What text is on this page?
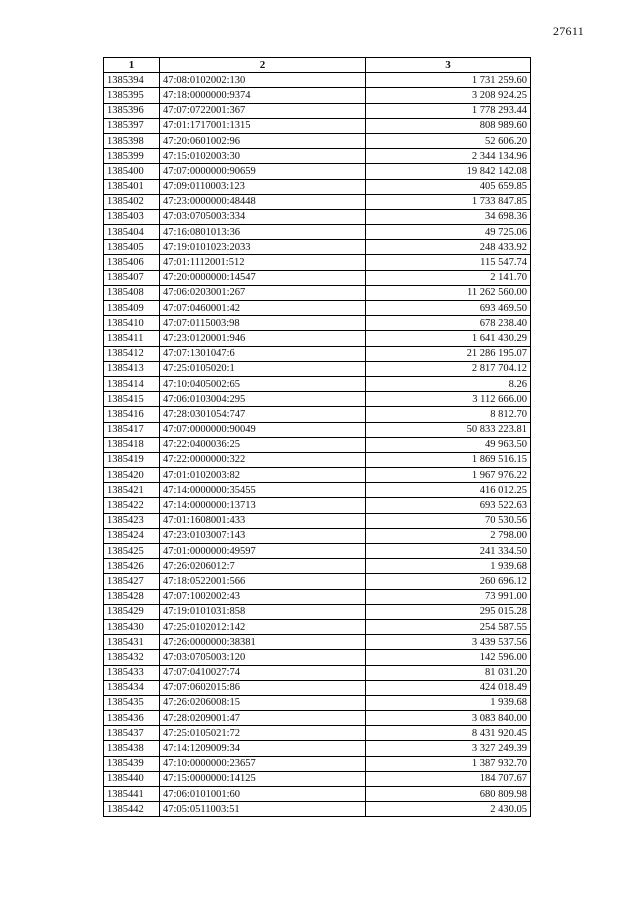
27611
1	2	3
1385394	47:08:0102002:130	1 731 259.60
1385395	47:18:0000000:9374	3 208 924.25
1385396	47:07:0722001:367	1 778 293.44
1385397	47:01:1717001:1315	808 989.60
1385398	47:20:0601002:96	52 606.20
1385399	47:15:0102003:30	2 344 134.96
1385400	47:07:0000000:90659	19 842 142.08
1385401	47:09:0110003:123	405 659.85
1385402	47:23:0000000:48448	1 733 847.85
1385403	47:03:0705003:334	34 698.36
1385404	47:16:0801013:36	49 725.06
1385405	47:19:0101023:2033	248 433.92
1385406	47:01:1112001:512	115 547.74
1385407	47:20:0000000:14547	2 141.70
1385408	47:06:0203001:267	11 262 560.00
1385409	47:07:0460001:42	693 469.50
1385410	47:07:0115003:98	678 238.40
1385411	47:23:0120001:946	1 641 430.29
1385412	47:07:1301047:6	21 286 195.07
1385413	47:25:0105020:1	2 817 704.12
1385414	47:10:0405002:65	8.26
1385415	47:06:0103004:295	3 112 666.00
1385416	47:28:0301054:747	8 812.70
1385417	47:07:0000000:90049	50 833 223.81
1385418	47:22:0400036:25	49 963.50
1385419	47:22:0000000:322	1 869 516.15
1385420	47:01:0102003:82	1 967 976.22
1385421	47:14:0000000:35455	416 012.25
1385422	47:14:0000000:13713	693 522.63
1385423	47:01:1608001:433	70 530.56
1385424	47:23:0103007:143	2 798.00
1385425	47:01:0000000:49597	241 334.50
1385426	47:26:0206012:7	1 939.68
1385427	47:18:0522001:566	260 696.12
1385428	47:07:1002002:43	73 991.00
1385429	47:19:0101031:858	295 015.28
1385430	47:25:0102012:142	254 587.55
1385431	47:26:0000000:38381	3 439 537.56
1385432	47:03:0705003:120	142 596.00
1385433	47:07:0410027:74	81 031.20
1385434	47:07:0602015:86	424 018.49
1385435	47:26:0206008:15	1 939.68
1385436	47:28:0209001:47	3 083 840.00
1385437	47:25:0105021:72	8 431 920.45
1385438	47:14:1209009:34	3 327 249.39
1385439	47:10:0000000:23657	1 387 932.70
1385440	47:15:0000000:14125	184 707.67
1385441	47:06:0101001:60	680 809.98
1385442	47:05:0511003:51	2 430.05
